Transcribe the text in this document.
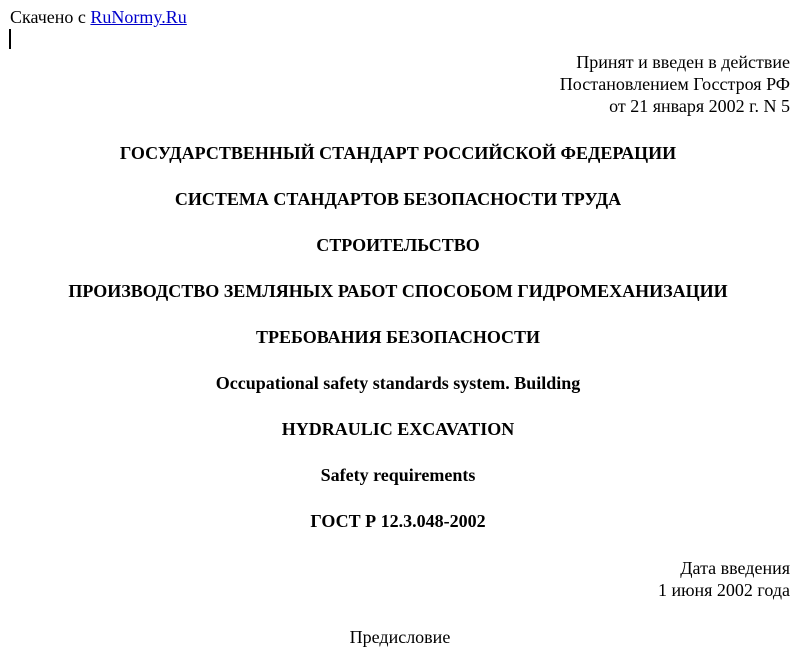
Скачено с RuNormy.Ru
Принят и введен в действие
Постановлением Госстроя РФ
от 21 января 2002 г. N 5
ГОСУДАРСТВЕННЫЙ СТАНДАРТ РОССИЙСКОЙ ФЕДЕРАЦИИ
СИСТЕМА СТАНДАРТОВ БЕЗОПАСНОСТИ ТРУДА
СТРОИТЕЛЬСТВО
ПРОИЗВОДСТВО ЗЕМЛЯНЫХ РАБОТ СПОСОБОМ ГИДРОМЕХАНИЗАЦИИ
ТРЕБОВАНИЯ БЕЗОПАСНОСТИ
Occupational safety standards system. Building
HYDRAULIC EXCAVATION
Safety requirements
ГОСТ Р 12.3.048-2002
Дата введения
1 июня 2002 года
Предисловие
